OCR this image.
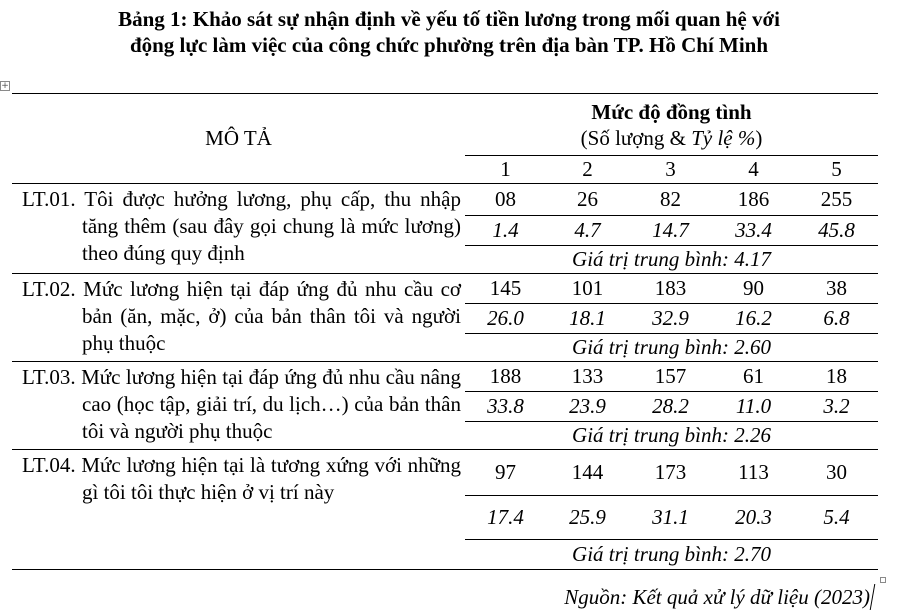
Bảng 1: Khảo sát sự nhận định về yếu tố tiền lương trong mối quan hệ với
động lực làm việc của công chức phường trên địa bàn TP. Hồ Chí Minh
+
MÔ TẢ	Mức độ đồng tình
(Số lượng & Tỷ lệ %)				

	1	2	3	4	5
LT.01. Tôi được hưởng lương, phụ cấp, thu nhập tăng thêm (sau đây gọi chung là mức lương) theo đúng quy định	08	26	82	186	255
	1.4	4.7	14.7	33.4	45.8
	Giá trị trung bình: 4.17				
LT.02. Mức lương hiện tại đáp ứng đủ nhu cầu cơ bản (ăn, mặc, ở) của bản thân tôi và người phụ thuộc	145	101	183	90	38
	26.0	18.1	32.9	16.2	6.8
	Giá trị trung bình: 2.60				
LT.03. Mức lương hiện tại đáp ứng đủ nhu cầu nâng cao (học tập, giải trí, du lịch…) của bản thân tôi và người phụ thuộc	188	133	157	61	18
	33.8	23.9	28.2	11.0	3.2
	Giá trị trung bình: 2.26				
LT.04. Mức lương hiện tại là tương xứng với những gì tôi tôi thực hiện ở vị trí này	97	144	173	113	30
	17.4	25.9	31.1	20.3	5.4
	Giá trị trung bình: 2.70				
Nguồn: Kết quả xử lý dữ liệu (2023)
